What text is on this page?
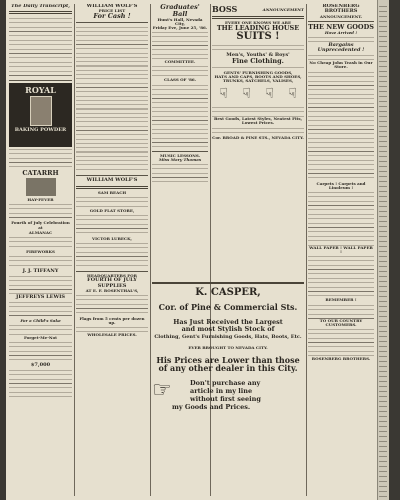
The Daily Transcript,
ROYAL
BAKING POWDER
CATARRH
HAY-FEVER
Fourth of July Celebration at
ALMANAC
FIREWORKS
J. J. TIFFANY
JEFFREYS LEWIS
For a Child's Sake
Forget-Me-Not
$7,000
WILLIAM WOLF'S
PRICE LIST
For Cash !
WILLIAM WOLF'S
SAM BEACH
GOLD FLAT STORE,
VICTOR LUBECK,
HEADQUARTERS FOR
FOURTH OF JULY SUPPLIES
AT E. F. ROSENTHAL'S,
Flags from 5 cents per dozen up.
WHOLESALE PRICES.
Graduates' Ball
Hunt's Hall, Nevada City,
Friday Eve, June 25, '86.
COMMITTEE.
CLASS OF '86.
MUSIC LESSONS.
Miss Mary Thomas
BOSS	ANNOUNCEMENT
EVERY ONE KNOWS WE ARE
THE LEADING HOUSE
SUITS !
Men's, Youths' & Boys'
Fine Clothing.
GENTS' FURNISHING GOODS,
HATS AND CAPS, BOOTS AND SHOES,
TRUNKS, SATCHELS, VALISES,
☟ ☟ ☟ ☟
Best Goods, Latest Styles, Neatest Fits, Lowest Prices.
Cor. BROAD & PINE STS., NEVADA CITY.
K. CASPER,
Cor. of Pine & Commercial Sts.
Has Just Received the Largest
and most Stylish Stock of
Clothing, Gent's Furnishing Goods, Hats, Boots, Etc.
EVER BROUGHT TO NEVADA CITY.
His Prices are Lower than those
of any other dealer in this City.
☞	Don't purchase any
article in my line
without first seeing
my Goods and Prices.
ROSENBERG BROTHERS
ANNOUNCEMENT.
THE NEW GOODS
Have Arrived !
Bargains Unprecedented !
No Cheap John Trash in Our Store.
Carpets ! Carpets and Linoleum !
WALL PAPER ! WALL PAPER !
REMEMBER !
TO OUR COUNTRY CUSTOMERS.
ROSENBERG BROTHERS.
